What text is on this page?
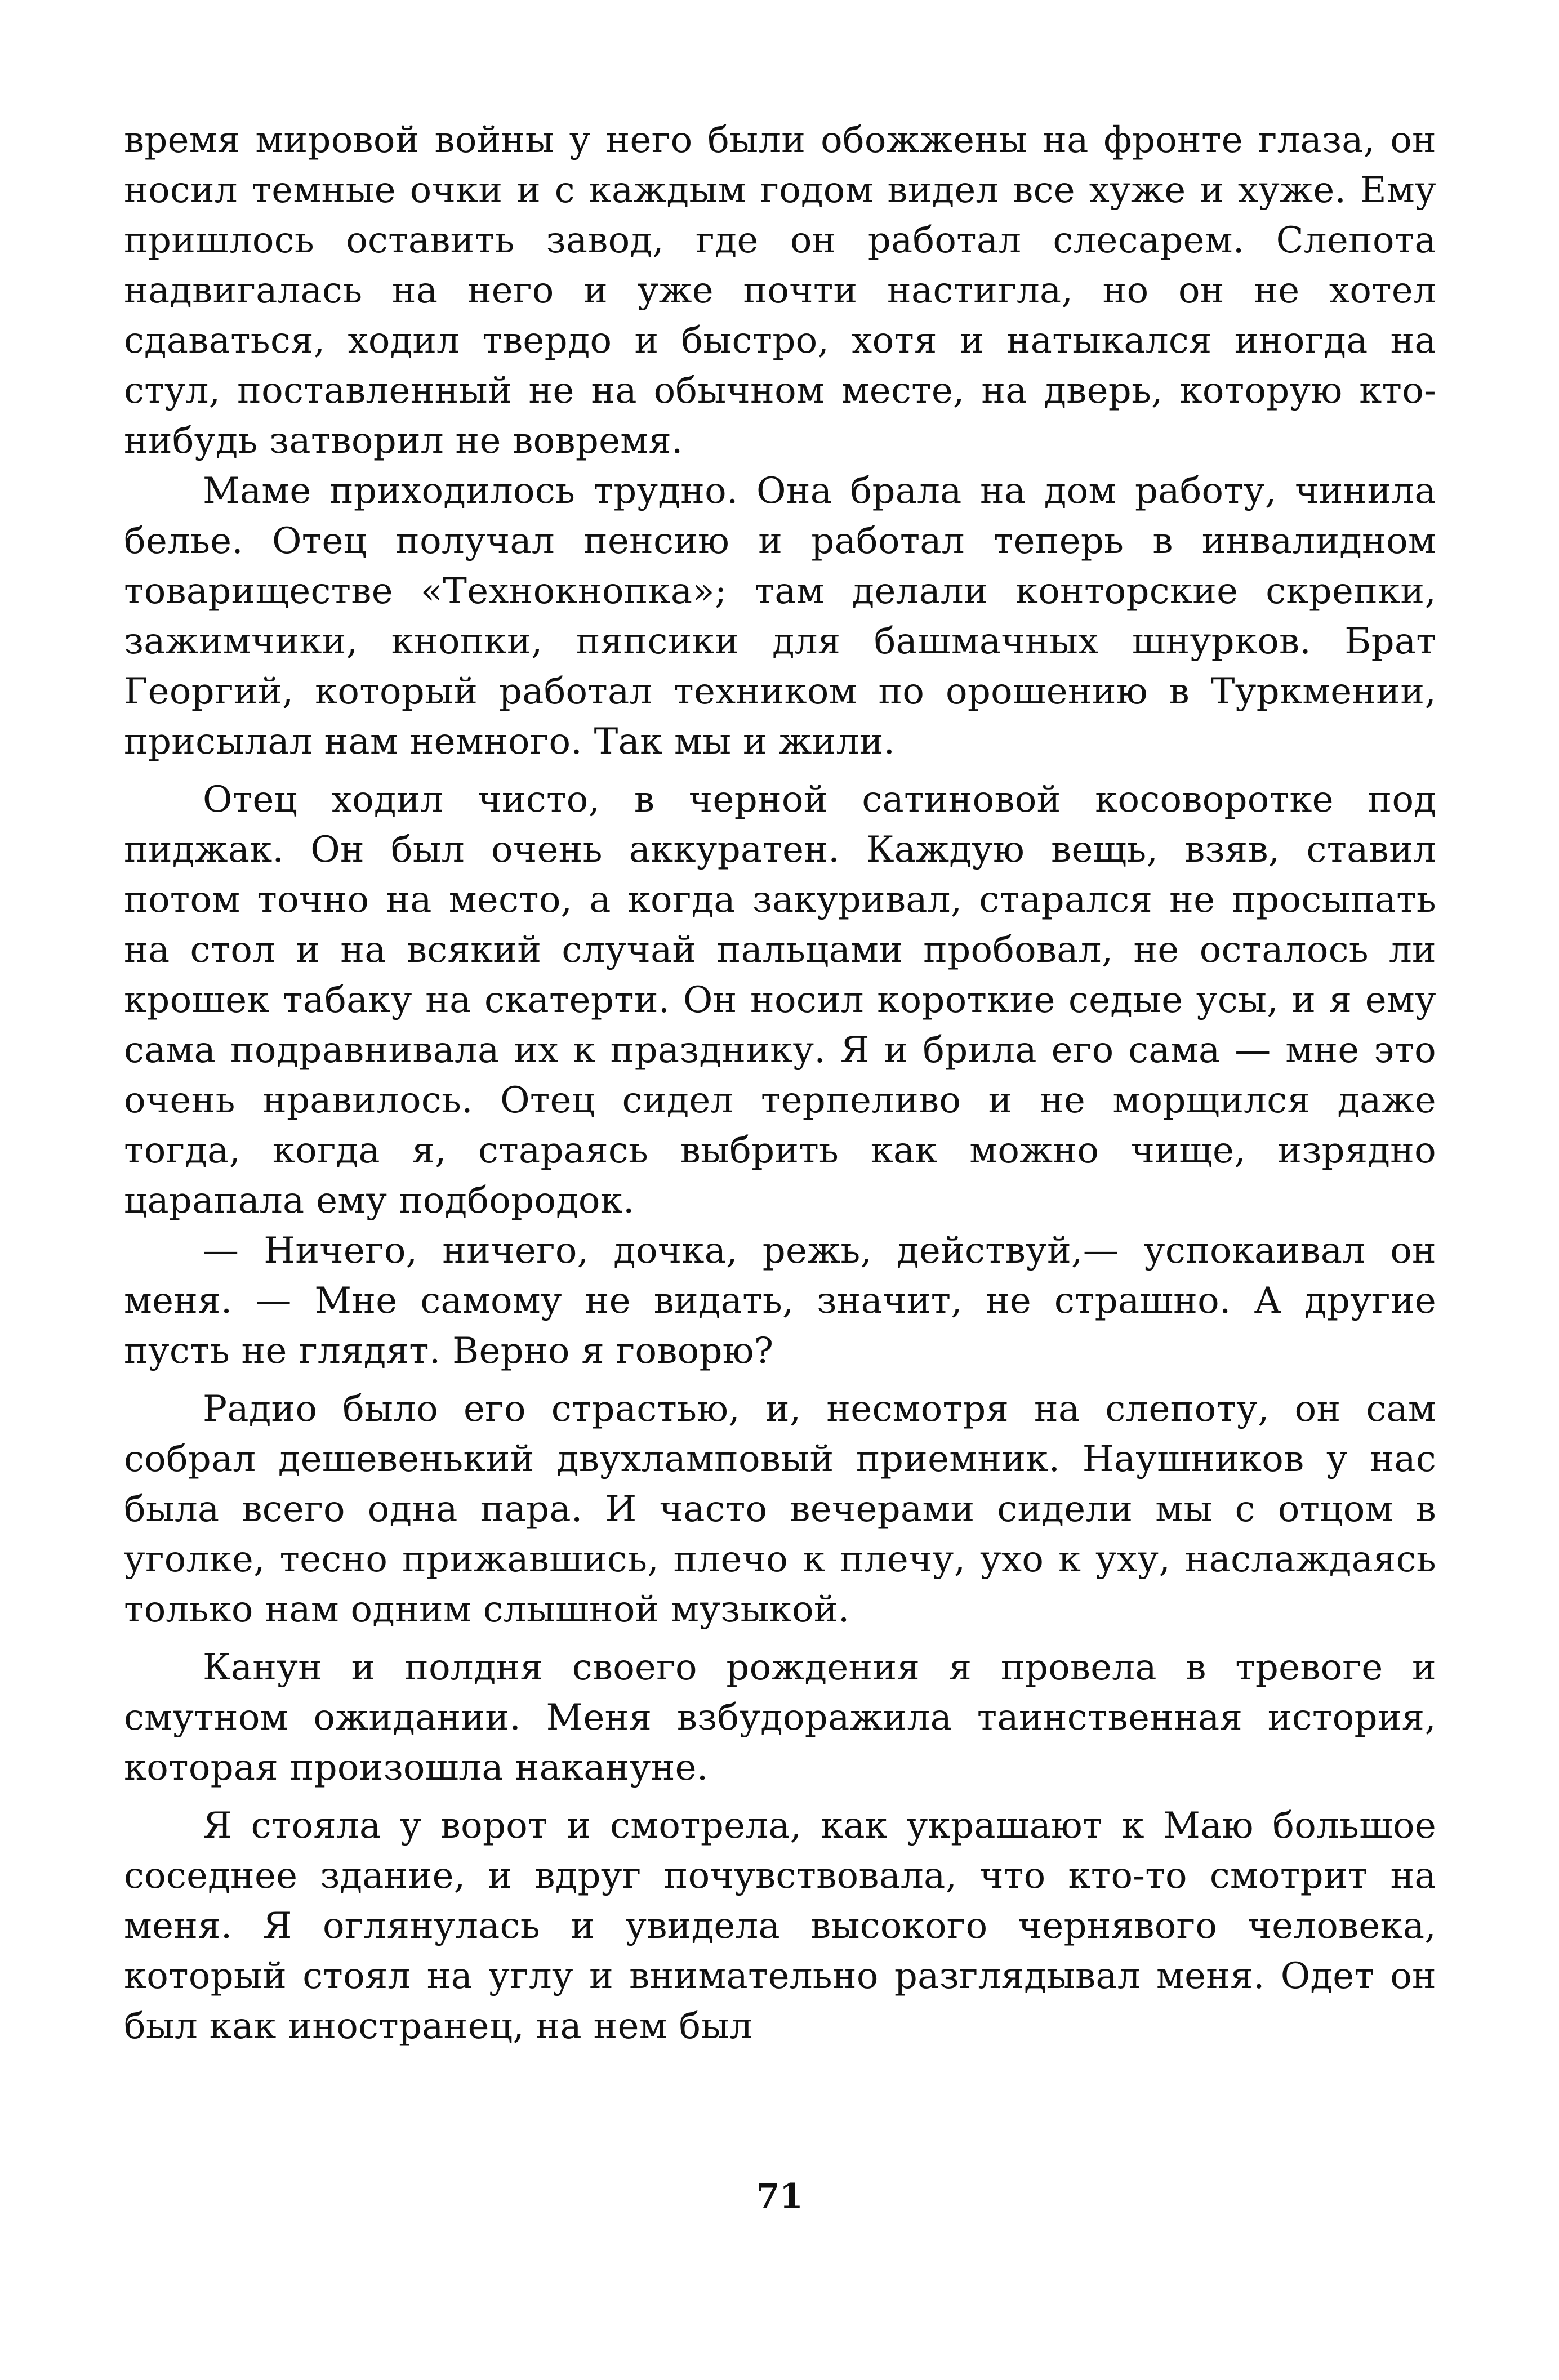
время мировой войны у него были обожжены на фронте глаза, он носил темные очки и с каждым годом видел все хуже и хуже. Ему пришлось оставить завод, где он работал слесарем. Слепота надвигалась на него и уже почти настигла, но он не хотел сдаваться, ходил твердо и быстро, хотя и натыкался иногда на стул, поставленный не на обычном месте, на дверь, которую кто-нибудь затворил не вовремя.

Маме приходилось трудно. Она брала на дом работу, чинила белье. Отец получал пенсию и работал теперь в инвалидном товариществе «Технокнопка»; там делали конторские скрепки, зажимчики, кнопки, пяпсики для башмачных шнурков. Брат Георгий, который работал техником по орошению в Туркмении, присылал нам немного. Так мы и жили.

Отец ходил чисто, в черной сатиновой косоворотке под пиджак. Он был очень аккуратен. Каждую вещь, взяв, ставил потом точно на место, а когда закуривал, старался не просыпать на стол и на всякий случай пальцами пробовал, не осталось ли крошек табаку на скатерти. Он носил короткие седые усы, и я ему сама подравнивала их к празднику. Я и брила его сама — мне это очень нравилось. Отец сидел терпеливо и не морщился даже тогда, когда я, стараясь выбрить как можно чище, изрядно царапала ему подбородок.

— Ничего, ничего, дочка, режь, действуй,— успокаивал он меня. — Мне самому не видать, значит, не страшно. А другие пусть не глядят. Верно я говорю?

Радио было его страстью, и, несмотря на слепоту, он сам собрал дешевенький двухламповый приемник. Наушников у нас была всего одна пара. И часто вечерами сидели мы с отцом в уголке, тесно прижавшись, плечо к плечу, ухо к уху, наслаждаясь только нам одним слышной музыкой.

Канун и полдня своего рождения я провела в тревоге и смутном ожидании. Меня взбудоражила таинственная история, которая произошла накануне.

Я стояла у ворот и смотрела, как украшают к Маю большое соседнее здание, и вдруг почувствовала, что кто-то смотрит на меня. Я оглянулась и увидела высокого чернявого человека, который стоял на углу и внимательно разглядывал меня. Одет он был как иностранец, на нем был

71
